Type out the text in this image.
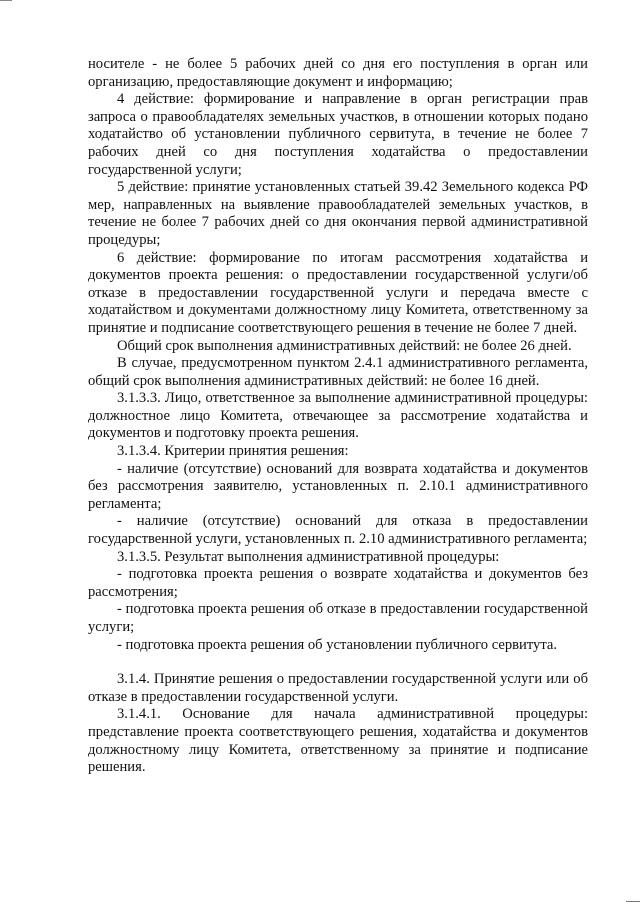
носителе - не более 5 рабочих дней со дня его поступления в орган или организацию, предоставляющие документ и информацию;

4 действие: формирование и направление в орган регистрации прав запроса о правообладателях земельных участков, в отношении которых подано ходатайство об установлении публичного сервитута, в течение не более 7 рабочих дней со дня поступления ходатайства о предоставлении государственной услуги;

5 действие: принятие установленных статьей 39.42 Земельного кодекса РФ мер, направленных на выявление правообладателей земельных участков, в течение не более 7 рабочих дней со дня окончания первой административной процедуры;

6 действие: формирование по итогам рассмотрения ходатайства и документов проекта решения: о предоставлении государственной услуги/об отказе в предоставлении государственной услуги и передача вместе с ходатайством и документами должностному лицу Комитета, ответственному за принятие и подписание соответствующего решения в течение не более 7 дней.

Общий срок выполнения административных действий: не более 26 дней.

В случае, предусмотренном пунктом 2.4.1 административного регламента, общий срок выполнения административных действий: не более 16 дней.

3.1.3.3. Лицо, ответственное за выполнение административной процедуры: должностное лицо Комитета, отвечающее за рассмотрение ходатайства и документов и подготовку проекта решения.

3.1.3.4. Критерии принятия решения:

- наличие (отсутствие) оснований для возврата ходатайства и документов без рассмотрения заявителю, установленных п. 2.10.1 административного регламента;

- наличие (отсутствие) оснований для отказа в предоставлении государственной услуги, установленных п. 2.10 административного регламента;

3.1.3.5. Результат выполнения административной процедуры:

- подготовка проекта решения о возврате ходатайства и документов без рассмотрения;

- подготовка проекта решения об отказе в предоставлении государственной услуги;

- подготовка проекта решения об установлении публичного сервитута.

3.1.4. Принятие решения о предоставлении государственной услуги или об отказе в предоставлении государственной услуги.

3.1.4.1. Основание для начала административной процедуры: представление проекта соответствующего решения, ходатайства и документов должностному лицу Комитета, ответственному за принятие и подписание решения.
